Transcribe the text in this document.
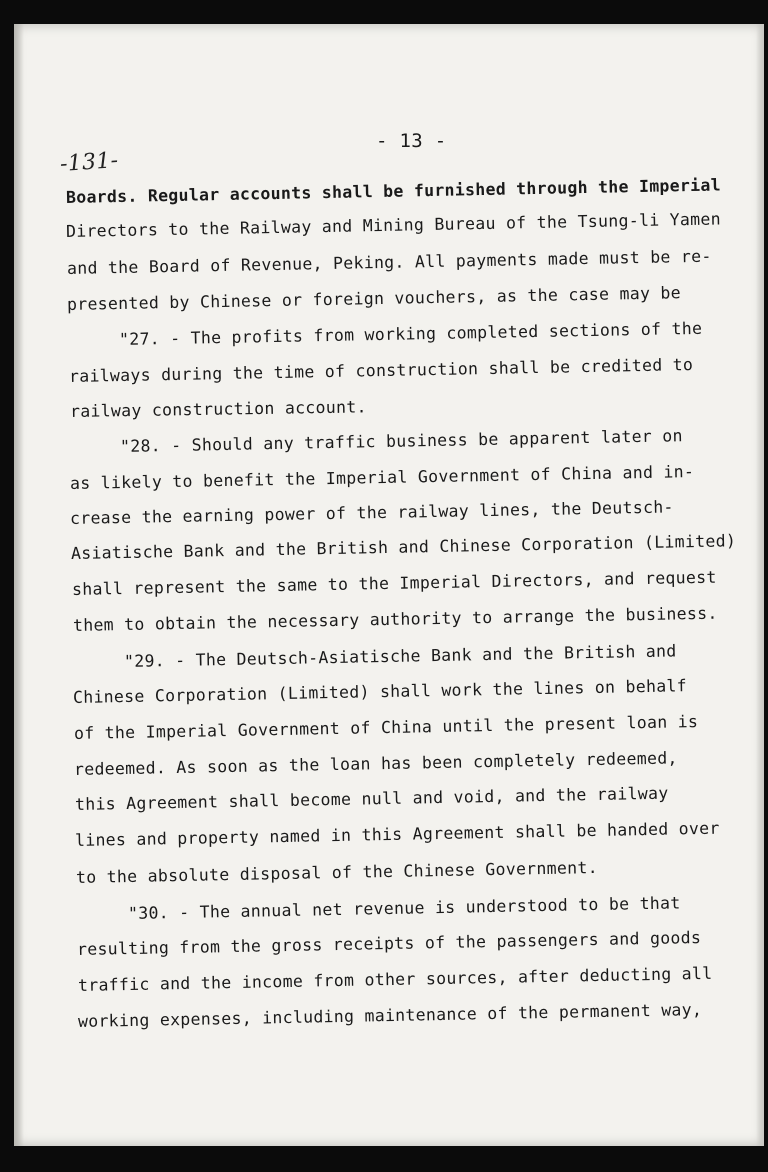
- 13 -
-131-
Boards. Regular accounts shall be furnished through the Imperial
Directors to the Railway and Mining Bureau of the Tsung-li Yamen
and the Board of Revenue, Peking. All payments made must be re-
presented by Chinese or foreign vouchers, as the case may be
"27. - The profits from working completed sections of the
railways during the time of construction shall be credited to
railway construction account.
"28. - Should any traffic business be apparent later on
as likely to benefit the Imperial Government of China and in-
crease the earning power of the railway lines, the Deutsch-
Asiatische Bank and the British and Chinese Corporation (Limited)
shall represent the same to the Imperial Directors, and request
them to obtain the necessary authority to arrange the business.
"29. - The Deutsch-Asiatische Bank and the British and
Chinese Corporation (Limited) shall work the lines on behalf
of the Imperial Government of China until the present loan is
redeemed. As soon as the loan has been completely redeemed,
this Agreement shall become null and void, and the railway
lines and property named in this Agreement shall be handed over
to the absolute disposal of the Chinese Government.
"30. - The annual net revenue is understood to be that
resulting from the gross receipts of the passengers and goods
traffic and the income from other sources, after deducting all
working expenses, including maintenance of the permanent way,
